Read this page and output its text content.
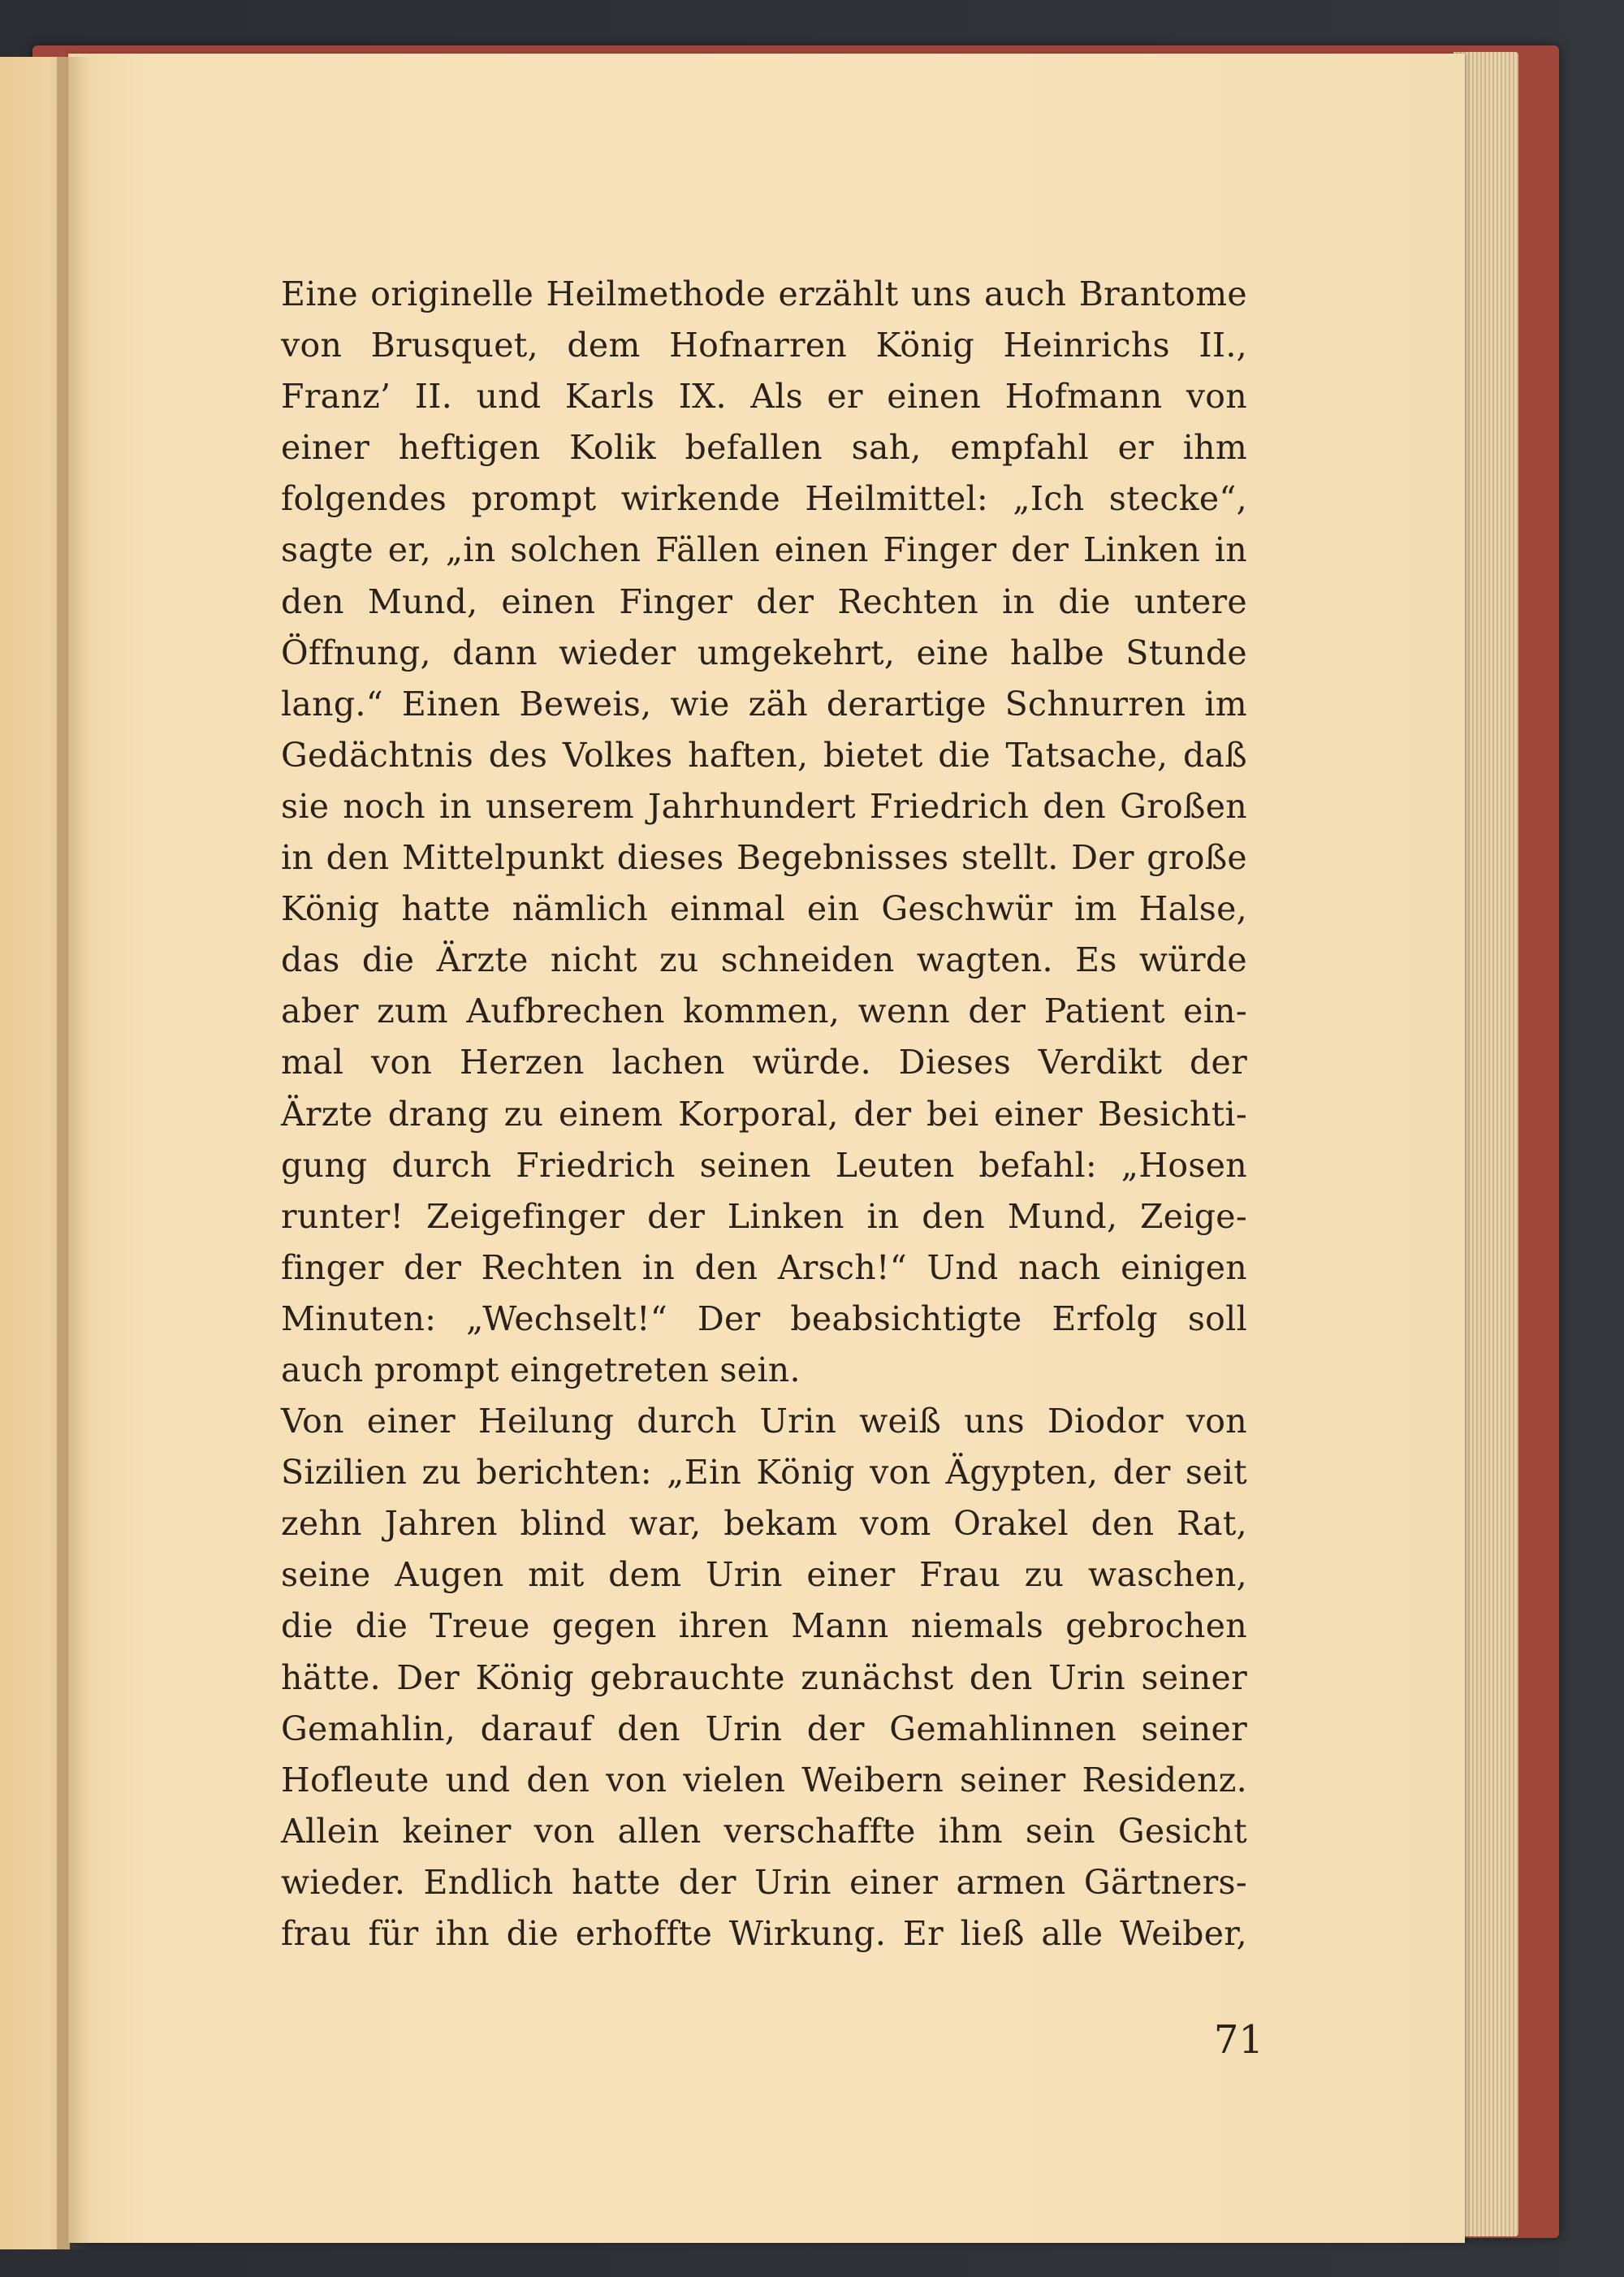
Eine originelle Heilmethode erzählt uns auch Brantome
von Brusquet, dem Hofnarren König Heinrichs II.,
Franz’ II. und Karls IX. Als er einen Hofmann von
einer heftigen Kolik befallen sah, empfahl er ihm
folgendes prompt wirkende Heilmittel: „Ich stecke“,
sagte er, „in solchen Fällen einen Finger der Linken in
den Mund, einen Finger der Rechten in die untere
Öffnung, dann wieder umgekehrt, eine halbe Stunde
lang.“ Einen Beweis, wie zäh derartige Schnurren im
Gedächtnis des Volkes haften, bietet die Tatsache, daß
sie noch in unserem Jahrhundert Friedrich den Großen
in den Mittelpunkt dieses Begebnisses stellt. Der große
König hatte nämlich einmal ein Geschwür im Halse,
das die Ärzte nicht zu schneiden wagten. Es würde
aber zum Aufbrechen kommen, wenn der Patient ein-
mal von Herzen lachen würde. Dieses Verdikt der
Ärzte drang zu einem Korporal, der bei einer Besichti-
gung durch Friedrich seinen Leuten befahl: „Hosen
runter! Zeigefinger der Linken in den Mund, Zeige-
finger der Rechten in den Arsch!“ Und nach einigen
Minuten: „Wechselt!“ Der beabsichtigte Erfolg soll
auch prompt eingetreten sein.
Von einer Heilung durch Urin weiß uns Diodor von
Sizilien zu berichten: „Ein König von Ägypten, der seit
zehn Jahren blind war, bekam vom Orakel den Rat,
seine Augen mit dem Urin einer Frau zu waschen,
die die Treue gegen ihren Mann niemals gebrochen
hätte. Der König gebrauchte zunächst den Urin seiner
Gemahlin, darauf den Urin der Gemahlinnen seiner
Hofleute und den von vielen Weibern seiner Residenz.
Allein keiner von allen verschaffte ihm sein Gesicht
wieder. Endlich hatte der Urin einer armen Gärtners-
frau für ihn die erhoffte Wirkung. Er ließ alle Weiber,
71
